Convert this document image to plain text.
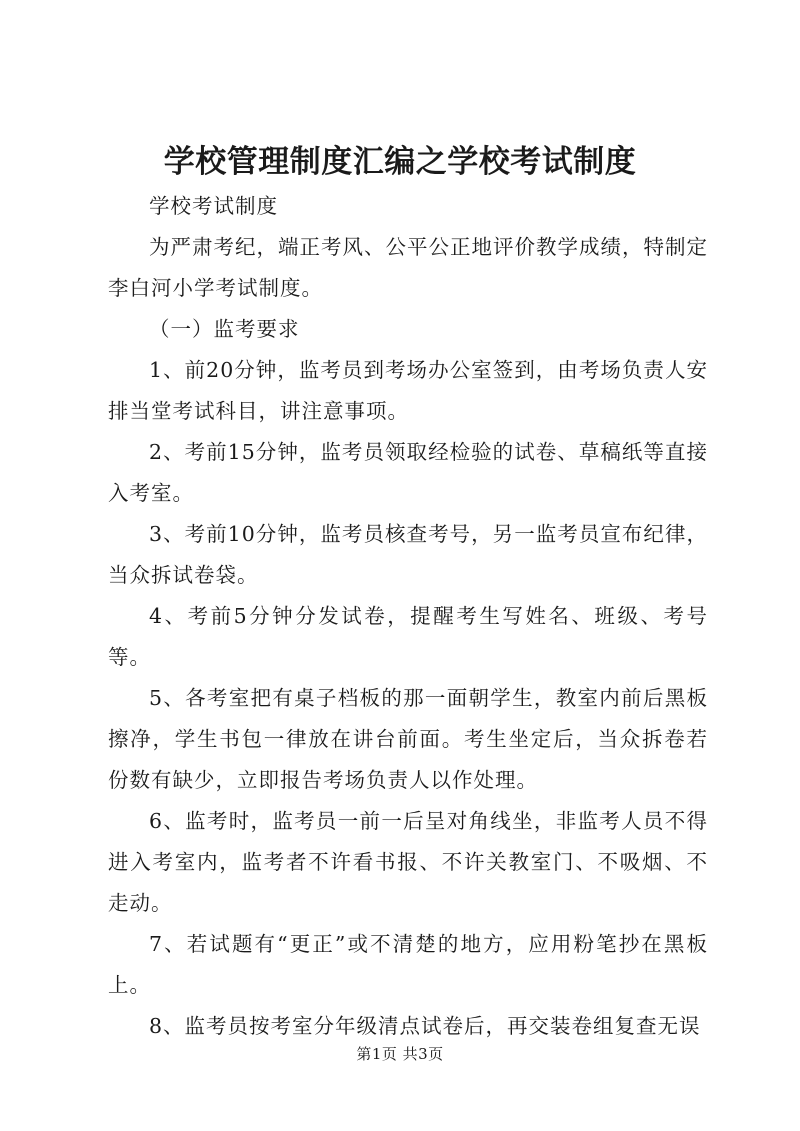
学校管理制度汇编之学校考试制度

学校考试制度

为严肃考纪，端正考风、公平公正地评价教学成绩，特制定李白河小学考试制度。

（一）监考要求

1、前20分钟，监考员到考场办公室签到，由考场负责人安排当堂考试科目，讲注意事项。

2、考前15分钟，监考员领取经检验的试卷、草稿纸等直接入考室。

3、考前10分钟，监考员核查考号，另一监考员宣布纪律，当众拆试卷袋。

4、考前5分钟分发试卷，提醒考生写姓名、班级、考号等。

5、各考室把有桌子档板的那一面朝学生，教室内前后黑板擦净，学生书包一律放在讲台前面。考生坐定后，当众拆卷若份数有缺少，立即报告考场负责人以作处理。

6、监考时，监考员一前一后呈对角线坐，非监考人员不得进入考室内，监考者不许看书报、不许关教室门、不吸烟、不走动。

7、若试题有“更正”或不清楚的地方，应用粉笔抄在黑板上。

8、监考员按考室分年级清点试卷后，再交装卷组复查无误

第1页 共3页
